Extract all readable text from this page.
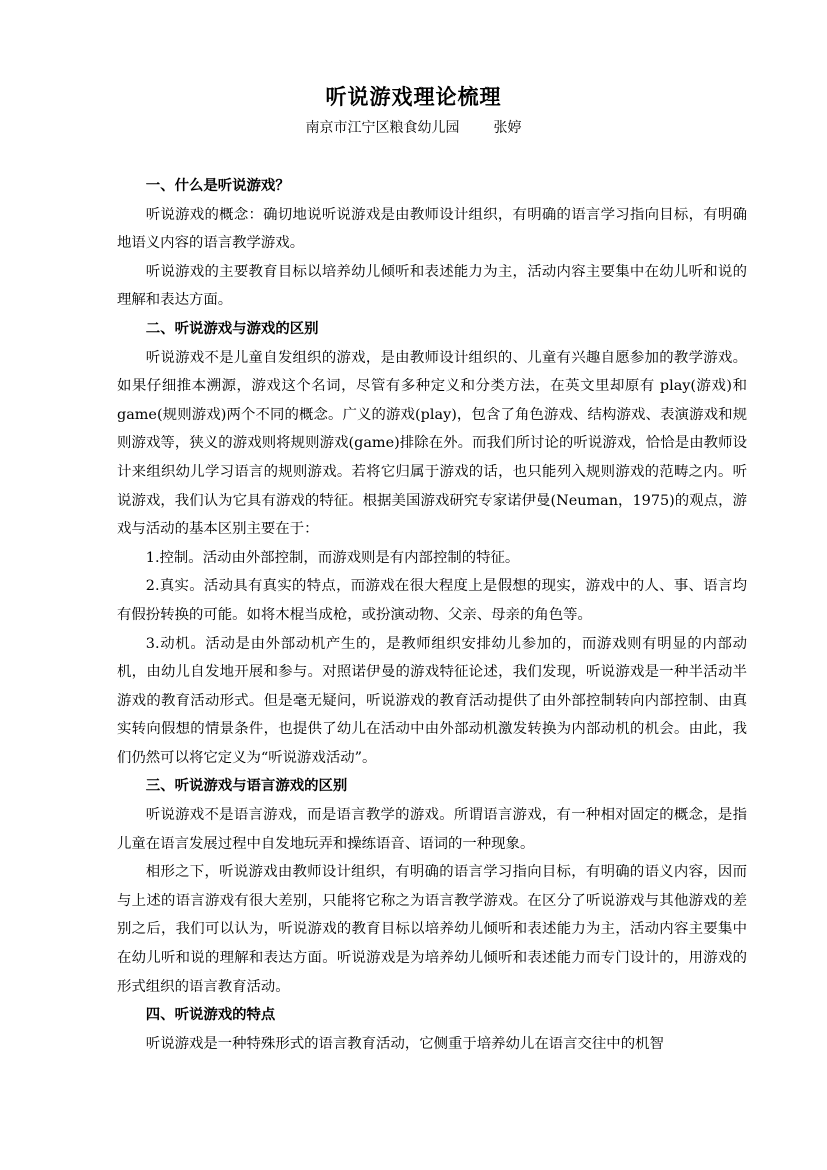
听说游戏理论梳理
南京市江宁区粮食幼儿园 张婷
一、什么是听说游戏？

听说游戏的概念：确切地说听说游戏是由教师设计组织，有明确的语言学习指向目标，有明确地语义内容的语言教学游戏。

听说游戏的主要教育目标以培养幼儿倾听和表述能力为主，活动内容主要集中在幼儿听和说的理解和表达方面。

二、听说游戏与游戏的区别

听说游戏不是儿童自发组织的游戏，是由教师设计组织的、儿童有兴趣自愿参加的教学游戏。如果仔细推本溯源，游戏这个名词，尽管有多种定义和分类方法，在英文里却原有 play(游戏)和 game(规则游戏)两个不同的概念。广义的游戏(play)，包含了角色游戏、结构游戏、表演游戏和规则游戏等，狭义的游戏则将规则游戏(game)排除在外。而我们所讨论的听说游戏，恰恰是由教师设计来组织幼儿学习语言的规则游戏。若将它归属于游戏的话，也只能列入规则游戏的范畴之内。听说游戏，我们认为它具有游戏的特征。根据美国游戏研究专家诺伊曼(Neuman，1975)的观点，游戏与活动的基本区别主要在于：

1.控制。活动由外部控制，而游戏则是有内部控制的特征。

2.真实。活动具有真实的特点，而游戏在很大程度上是假想的现实，游戏中的人、事、语言均有假扮转换的可能。如将木棍当成枪，或扮演动物、父亲、母亲的角色等。

3.动机。活动是由外部动机产生的，是教师组织安排幼儿参加的，而游戏则有明显的内部动机，由幼儿自发地开展和参与。对照诺伊曼的游戏特征论述，我们发现，听说游戏是一种半活动半游戏的教育活动形式。但是毫无疑问，听说游戏的教育活动提供了由外部控制转向内部控制、由真实转向假想的情景条件，也提供了幼儿在活动中由外部动机激发转换为内部动机的机会。由此，我们仍然可以将它定义为“听说游戏活动”。

三、听说游戏与语言游戏的区别

听说游戏不是语言游戏，而是语言教学的游戏。所谓语言游戏，有一种相对固定的概念，是指儿童在语言发展过程中自发地玩弄和操练语音、语词的一种现象。

相形之下，听说游戏由教师设计组织，有明确的语言学习指向目标，有明确的语义内容，因而与上述的语言游戏有很大差别，只能将它称之为语言教学游戏。在区分了听说游戏与其他游戏的差别之后，我们可以认为，听说游戏的教育目标以培养幼儿倾听和表述能力为主，活动内容主要集中在幼儿听和说的理解和表达方面。听说游戏是为培养幼儿倾听和表述能力而专门设计的，用游戏的形式组织的语言教育活动。

四、听说游戏的特点

听说游戏是一种特殊形式的语言教育活动，它侧重于培养幼儿在语言交往中的机智
